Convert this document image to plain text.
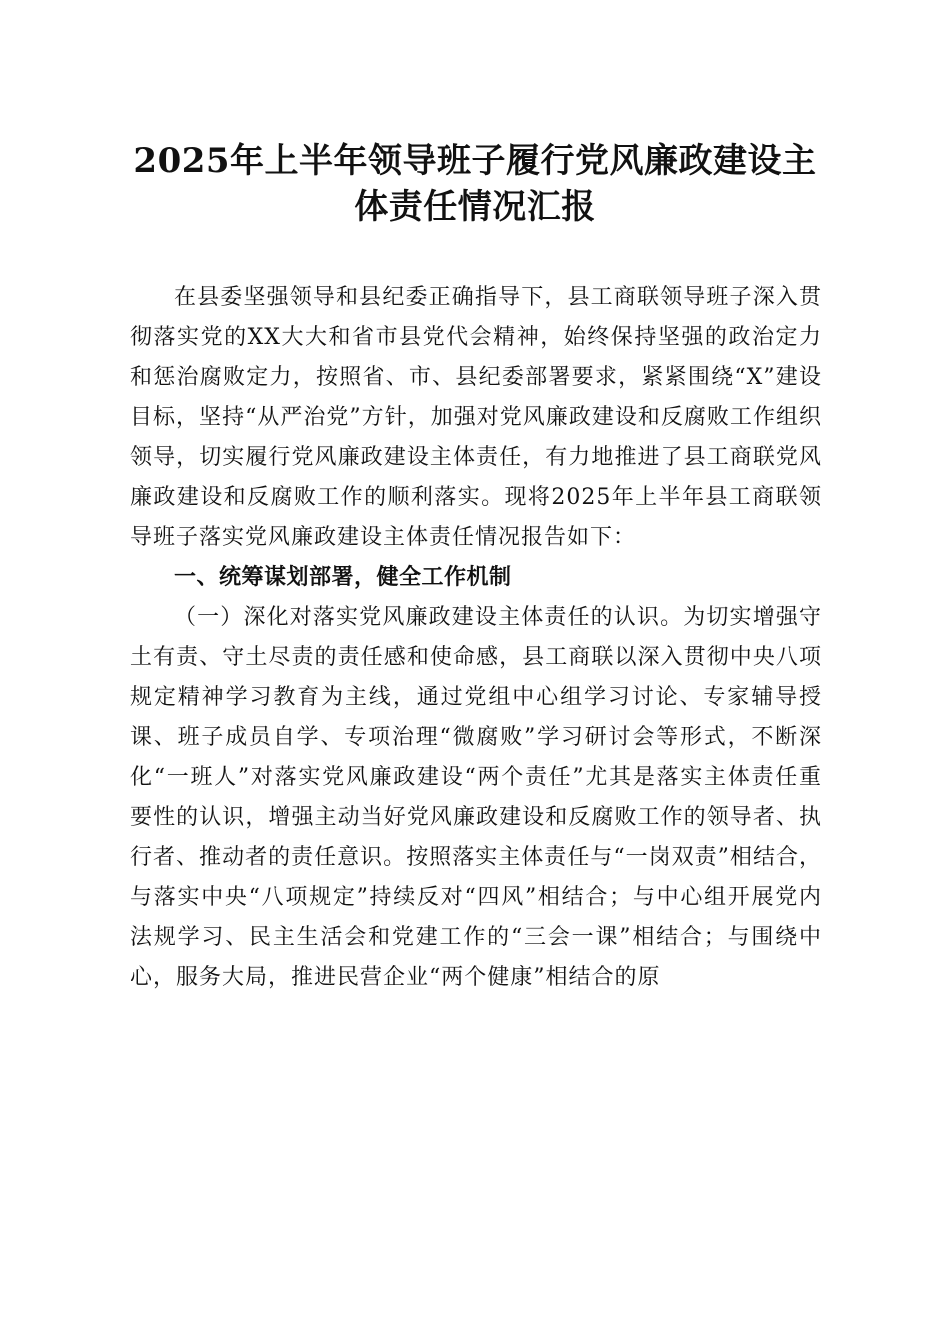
2025年上半年领导班子履行党风廉政建设主
体责任情况汇报

在县委坚强领导和县纪委正确指导下，县工商联领导班子深入贯彻落实党的XX大大和省市县党代会精神，始终保持坚强的政治定力和惩治腐败定力，按照省、市、县纪委部署要求，紧紧围绕“X”建设目标，坚持“从严治党”方针，加强对党风廉政建设和反腐败工作组织领导，切实履行党风廉政建设主体责任，有力地推进了县工商联党风廉政建设和反腐败工作的顺利落实。现将2025年上半年县工商联领导班子落实党风廉政建设主体责任情况报告如下：

一、统筹谋划部署，健全工作机制

（一）深化对落实党风廉政建设主体责任的认识。为切实增强守土有责、守土尽责的责任感和使命感，县工商联以深入贯彻中央八项规定精神学习教育为主线，通过党组中心组学习讨论、专家辅导授课、班子成员自学、专项治理“微腐败”学习研讨会等形式，不断深化“一班人”对落实党风廉政建设“两个责任”尤其是落实主体责任重要性的认识，增强主动当好党风廉政建设和反腐败工作的领导者、执行者、推动者的责任意识。按照落实主体责任与“一岗双责”相结合，与落实中央“八项规定”持续反对“四风”相结合；与中心组开展党内法规学习、民主生活会和党建工作的“三会一课”相结合；与围绕中心，服务大局，推进民营企业“两个健康”相结合的原
